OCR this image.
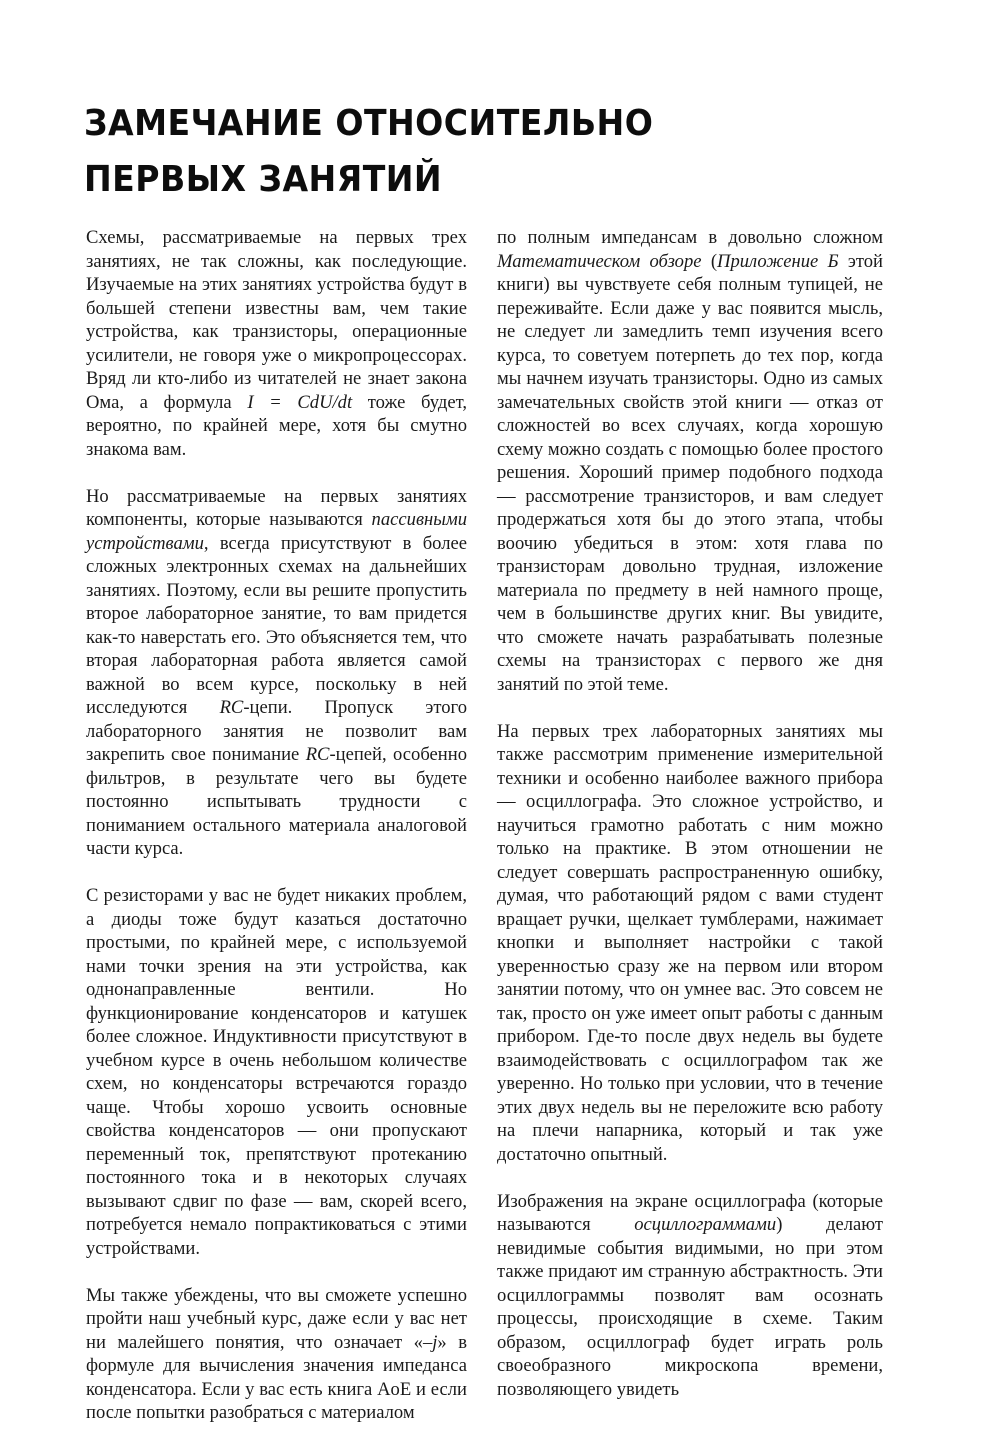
ЗАМЕЧАНИЕ ОТНОСИТЕЛЬНО
ПЕРВЫХ ЗАНЯТИЙ

Схемы, рассматриваемые на первых трех занятиях, не так сложны, как последующие. Изучаемые на этих занятиях устройства будут в большей степени известны вам, чем такие устройства, как транзисторы, операционные усилители, не говоря уже о микропроцессорах. Вряд ли кто-либо из читателей не знает закона Ома, а формула I = CdU/dt тоже будет, вероятно, по крайней мере, хотя бы смутно знакома вам.

Но рассматриваемые на первых занятиях компоненты, которые называются пассивными устройствами, всегда присутствуют в более сложных электронных схемах на дальнейших занятиях. Поэтому, если вы решите пропустить второе лабораторное занятие, то вам придется как-то наверстать его. Это объясняется тем, что вторая лабораторная работа является самой важной во всем курсе, поскольку в ней исследуются RC-цепи. Пропуск этого лабораторного занятия не позволит вам закрепить свое понимание RC-цепей, особенно фильтров, в результате чего вы будете постоянно испытывать трудности с пониманием остального материала аналоговой части курса.

С резисторами у вас не будет никаких проблем, а диоды тоже будут казаться достаточно простыми, по крайней мере, с используемой нами точки зрения на эти устройства, как однонаправленные вентили. Но функционирование конденсаторов и катушек более сложное. Индуктивности присутствуют в учебном курсе в очень небольшом количестве схем, но конденсаторы встречаются гораздо чаще. Чтобы хорошо усвоить основные свойства конденсаторов — они пропускают переменный ток, препятствуют протеканию постоянного тока и в некоторых случаях вызывают сдвиг по фазе — вам, скорей всего, потребуется немало попрактиковаться с этими устройствами.

Мы также убеждены, что вы сможете успешно пройти наш учебный курс, даже если у вас нет ни малейшего понятия, что означает «–j» в формуле для вычисления значения импеданса конденсатора. Если у вас есть книга AoE и если после попытки разобраться с материалом

по полным импедансам в довольно сложном Математическом обзоре (Приложение Б этой книги) вы чувствуете себя полным тупицей, не переживайте. Если даже у вас появится мысль, не следует ли замедлить темп изучения всего курса, то советуем потерпеть до тех пор, когда мы начнем изучать транзисторы. Одно из самых замечательных свойств этой книги — отказ от сложностей во всех случаях, когда хорошую схему можно создать с помощью более простого решения. Хороший пример подобного подхода — рассмотрение транзисторов, и вам следует продержаться хотя бы до этого этапа, чтобы воочию убедиться в этом: хотя глава по транзисторам довольно трудная, изложение материала по предмету в ней намного проще, чем в большинстве других книг. Вы увидите, что сможете начать разрабатывать полезные схемы на транзисторах с первого же дня занятий по этой теме.

На первых трех лабораторных занятиях мы также рассмотрим применение измерительной техники и особенно наиболее важного прибора — осциллографа. Это сложное устройство, и научиться грамотно работать с ним можно только на практике. В этом отношении не следует совершать распространенную ошибку, думая, что работающий рядом с вами студент вращает ручки, щелкает тумблерами, нажимает кнопки и выполняет настройки с такой уверенностью сразу же на первом или втором занятии потому, что он умнее вас. Это совсем не так, просто он уже имеет опыт работы с данным прибором. Где-то после двух недель вы будете взаимодействовать с осциллографом так же уверенно. Но только при условии, что в течение этих двух недель вы не переложите всю работу на плечи напарника, который и так уже достаточно опытный.

Изображения на экране осциллографа (которые называются осциллограммами) делают невидимые события видимыми, но при этом также придают им странную абстрактность. Эти осциллограммы позволят вам осознать процессы, происходящие в схеме. Таким образом, осциллограф будет играть роль своеобразного микроскопа времени, позволяющего увидеть
